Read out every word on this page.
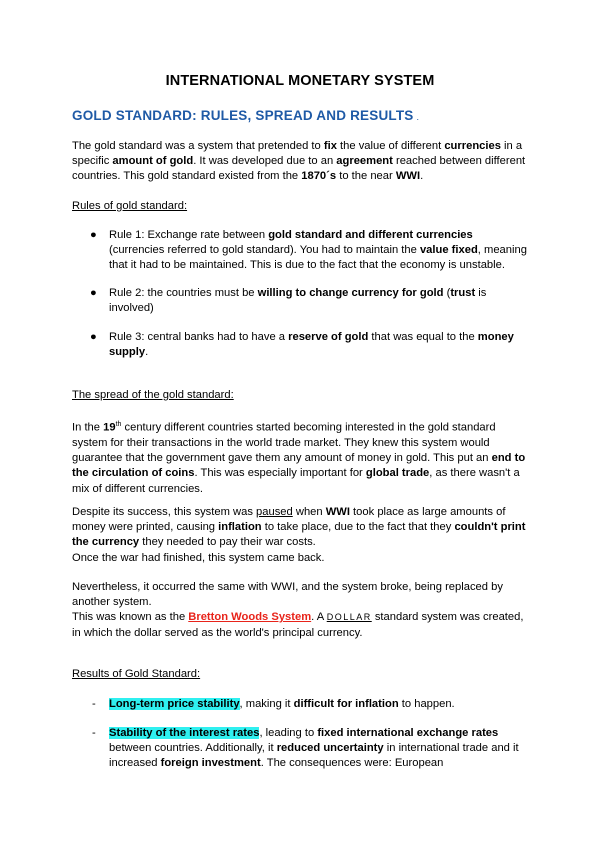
INTERNATIONAL MONETARY SYSTEM
GOLD STANDARD: RULES, SPREAD AND RESULTS .
The gold standard was a system that pretended to fix the value of different currencies in a specific amount of gold. It was developed due to an agreement reached between different countries. This gold standard existed from the 1870´s to the near WWI.
Rules of gold standard:
● Rule 1: Exchange rate between gold standard and different currencies (currencies referred to gold standard). You had to maintain the value fixed, meaning that it had to be maintained. This is due to the fact that the economy is unstable.
● Rule 2: the countries must be willing to change currency for gold (trust is involved)
● Rule 3: central banks had to have a reserve of gold that was equal to the money supply.
The spread of the gold standard:
In the 19th century different countries started becoming interested in the gold standard system for their transactions in the world trade market. They knew this system would guarantee that the government gave them any amount of money in gold. This put an end to the circulation of coins. This was especially important for global trade, as there wasn't a mix of different currencies.
Despite its success, this system was paused when WWI took place as large amounts of money were printed, causing inflation to take place, due to the fact that they couldn't print the currency they needed to pay their war costs.
Once the war had finished, this system came back.
Nevertheless, it occurred the same with WWI, and the system broke, being replaced by another system.
This was known as the Bretton Woods System. A DOLLAR standard system was created, in which the dollar served as the world's principal currency.
Results of Gold Standard:
- Long-term price stability, making it difficult for inflation to happen.
- Stability of the interest rates, leading to fixed international exchange rates between countries. Additionally, it reduced uncertainty in international trade and it increased foreign investment. The consequences were: European
